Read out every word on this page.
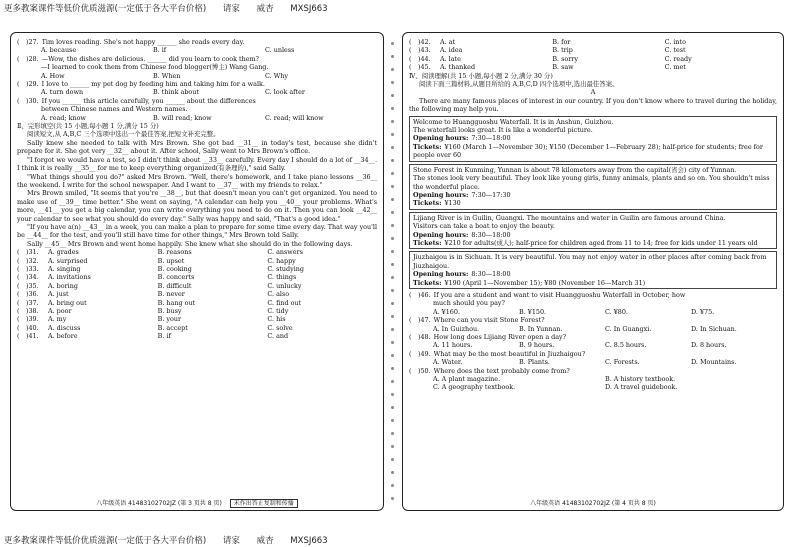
更多教案课件等低价优质滋源(一定低于各大平台价格) 请家 威杏 MXSJ663
(	)27. Tim loves reading. She's not happy ______ she reads every day.
A. because	B. if	C. unless
(	)28. —Wow, the dishes are delicious. ______ did you learn to cook them?
—I learned to cook them from Chinese food blogger(博主) Wang Gang.
A. How	B. When	C. Why
(	)29. I love to ______ my pet dog by feeding him and taking him for a walk.
A. turn down	B. think about	C. look after
(	)30. If you ______ this article carefully, you ______ about the differences
between Chinese names and Western names.
A. read; know	B. will read; know	C. read; will know
Ⅱ、完形填空(共 15 小题,每小题 1 分,满分 15 分)
阅读短文,从 A,B,C 三个选项中选出一个最佳答案,把短文补充完整。
Sally knew she needed to talk with Mrs Brown. She got bad __31__ in today's test, because she didn't prepare for it. She got very __32__ about it. After school, Sally went to Mrs Brown's office.
"I forgot we would have a test, so I didn't think about __33__ carefully. Every day I should do a lot of __34__. I think it is really __35__ for me to keep everything organized(有条理的)," said Sally.
"What things should you do?" asked Mrs Brown. "Well, there's homework, and I take piano lessons __36__ the weekend. I write for the school newspaper. And I want to __37__ with my friends to relax."
Mrs Brown smiled, "It seems that you're __38__, but that doesn't mean you can't get organized. You need to make use of __39__ time better." She went on saying, "A calendar can help you __40__ your problems. What's more, __41__ you get a big calendar, you can write everything you need to do on it. Then you can look __42__ your calendar to see what you should do every day." Sally was happy and said, "That's a good idea."
"If you have a(n) __43__ in a week, you can make a plan to prepare for some time every day. That way you'll be __44__ for the test, and you'll still have time for other things," Mrs Brown told Sally.
Sally __45__ Mrs Brown and went home happily. She knew what she should do in the following days.
(	)31.	A. grades	B. reasons	C. answers
(	)32.	A. surprised	B. upset	C. happy
(	)33.	A. singing	B. cooking	C. studying
(	)34.	A. invitations	B. concerts	C. things
(	)35.	A. boring	B. difficult	C. unlucky
(	)36.	A. just	B. never	C. also
(	)37.	A. bring out	B. hang out	C. find out
(	)38.	A. poor	B. busy	C. tidy
(	)39.	A. my	B. your	C. his
(	)40.	A. discuss	B. accept	C. solve
(	)41.	A. before	B. if	C. and
八年级英语 41483102702JZ (第 3 页共 8 页) 未作出答止复制和传播
(	)42.	A. at	B. for	C. into
(	)43.	A. idea	B. trip	C. test
(	)44.	A. late	B. sorry	C. ready
(	)45.	A. thanked	B. saw	C. met
Ⅳ、阅读理解(共 15 小题,每小题 2 分,满分 30 分)
阅读下面三篇材料,从题目所给的 A,B,C,D 四个选项中,选出最佳答案。
A
There are many famous places of interest in our country. If you don't know where to travel during the holiday, the following may help you.
Welcome to Huangguoshu Waterfall. It is in Anshun, Guizhou.
The waterfall looks great. It is like a wonderful picture.
Opening hours: 7:30—18:00
Tickets: ¥160 (March 1—November 30); ¥150 (December 1—February 28); half-price for students; free for people over 60
Stone Forest in Kunming, Yunnan is about 78 kilometers away from the capital(省会) city of Yunnan.
The stones look very beautiful. They look like young girls, funny animals, plants and so on. You shouldn't miss the wonderful place.
Opening hours: 7:30—17:30
Tickets: ¥130
Lijiang River is in Guilin, Guangxi. The mountains and water in Guilin are famous around China.
Visitors can take a boat to enjoy the beauty.
Opening hours: 8:30—18:00
Tickets: ¥210 for adults(成人); half-price for children aged from 11 to 14; free for kids under 11 years old
Jiuzhaigou is in Sichuan. It is very beautiful. You may not enjoy water in other places after coming back from Jiuzhaigou.
Opening hours: 8:30—18:00
Tickets: ¥190 (April 1—November 15); ¥80 (November 16—March 31)
(	)46. If you are a student and want to visit Huangguoshu Waterfall in October, how
much should you pay?
A. ¥160.	B. ¥150.	C. ¥80.	D. ¥75.
(	)47. Where can you visit Stone Forest?
A. In Guizhou.	B. In Yunnan.	C. In Guangxi.	D. In Sichuan.
(	)48. How long does Lijiang River open a day?
A. 11 hours.	B. 9 hours.	C. 8.5 hours.	D. 8 hours.
(	)49. What may be the most beautiful in Jiuzhaigou?
A. Water.	B. Plants.	C. Forests.	D. Mountains.
(	)50. Where does the text probably come from?
A. A plant magazine.	B. A history textbook.
C. A geography textbook.	D. A travel guidebook.
八年级英语 41483102702JZ (第 4 页共 8 页)
更多教案课件等低价优质滋源(一定低于各大平台价格) 请家 威杏 MXSJ663
